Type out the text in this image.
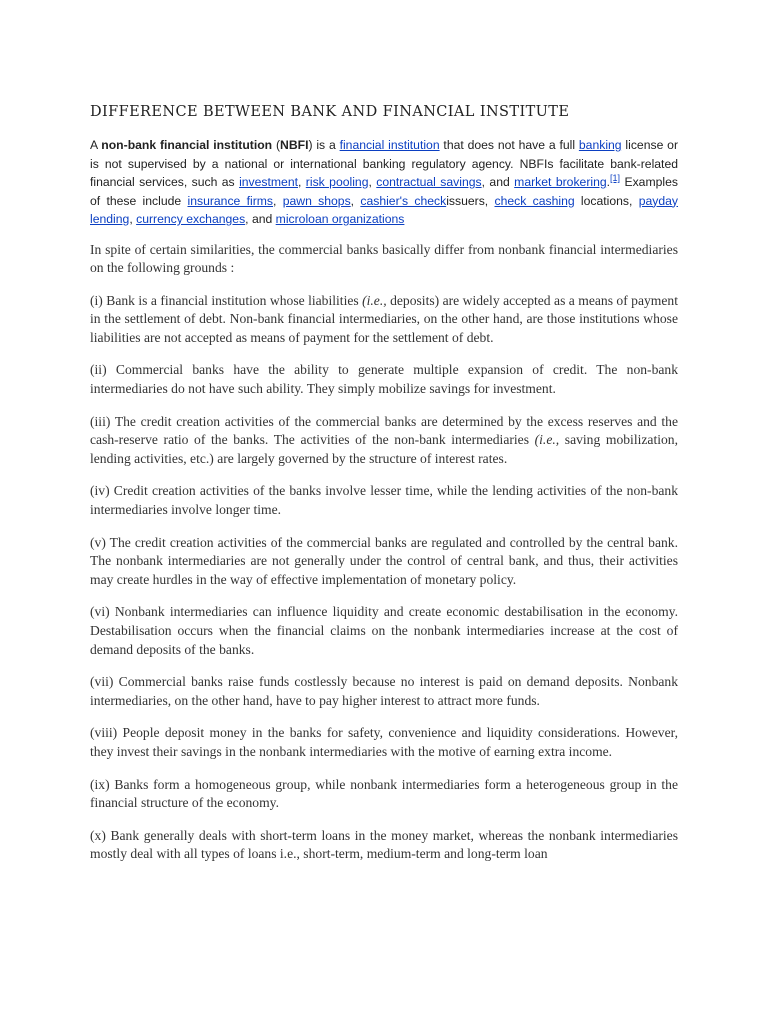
DIFFERENCE BETWEEN BANK AND FINANCIAL INSTITUTE

A non-bank financial institution (NBFI) is a financial institution that does not have a full banking license or is not supervised by a national or international banking regulatory agency. NBFIs facilitate bank-related financial services, such as investment, risk pooling, contractual savings, and market brokering.[1] Examples of these include insurance firms, pawn shops, cashier's checkissuers, check cashing locations, payday lending, currency exchanges, and microloan organizations

In spite of certain similarities, the commercial banks basically differ from nonbank financial intermediaries on the following grounds :

(i) Bank is a financial institution whose liabilities (i.e., deposits) are widely accepted as a means of payment in the settlement of debt. Non-bank financial intermediaries, on the other hand, are those institutions whose liabilities are not accepted as means of payment for the settlement of debt.

(ii) Commercial banks have the ability to generate multiple expansion of credit. The non-bank intermediaries do not have such ability. They simply mobilize savings for investment.

(iii) The credit creation activities of the commercial banks are determined by the excess reserves and the cash-reserve ratio of the banks. The activities of the non-bank intermediaries (i.e., saving mobilization, lending activities, etc.) are largely governed by the structure of interest rates.

(iv) Credit creation activities of the banks involve lesser time, while the lending activities of the non-bank intermediaries involve longer time.

(v) The credit creation activities of the commercial banks are regulated and controlled by the central bank. The nonbank intermediaries are not generally under the control of central bank, and thus, their activities may create hurdles in the way of effective implementation of monetary policy.

(vi) Nonbank intermediaries can influence liquidity and create economic destabilisation in the economy. Destabilisation occurs when the financial claims on the nonbank intermediaries increase at the cost of demand deposits of the banks.

(vii) Commercial banks raise funds costlessly because no interest is paid on demand deposits. Nonbank intermediaries, on the other hand, have to pay higher interest to attract more funds.

(viii) People deposit money in the banks for safety, convenience and liquidity considerations. However, they invest their savings in the nonbank intermediaries with the motive of earning extra income.

(ix) Banks form a homogeneous group, while nonbank intermediaries form a heterogeneous group in the financial structure of the economy.

(x) Bank generally deals with short-term loans in the money market, whereas the nonbank intermediaries mostly deal with all types of loans i.e., short-term, medium-term and long-term loan
